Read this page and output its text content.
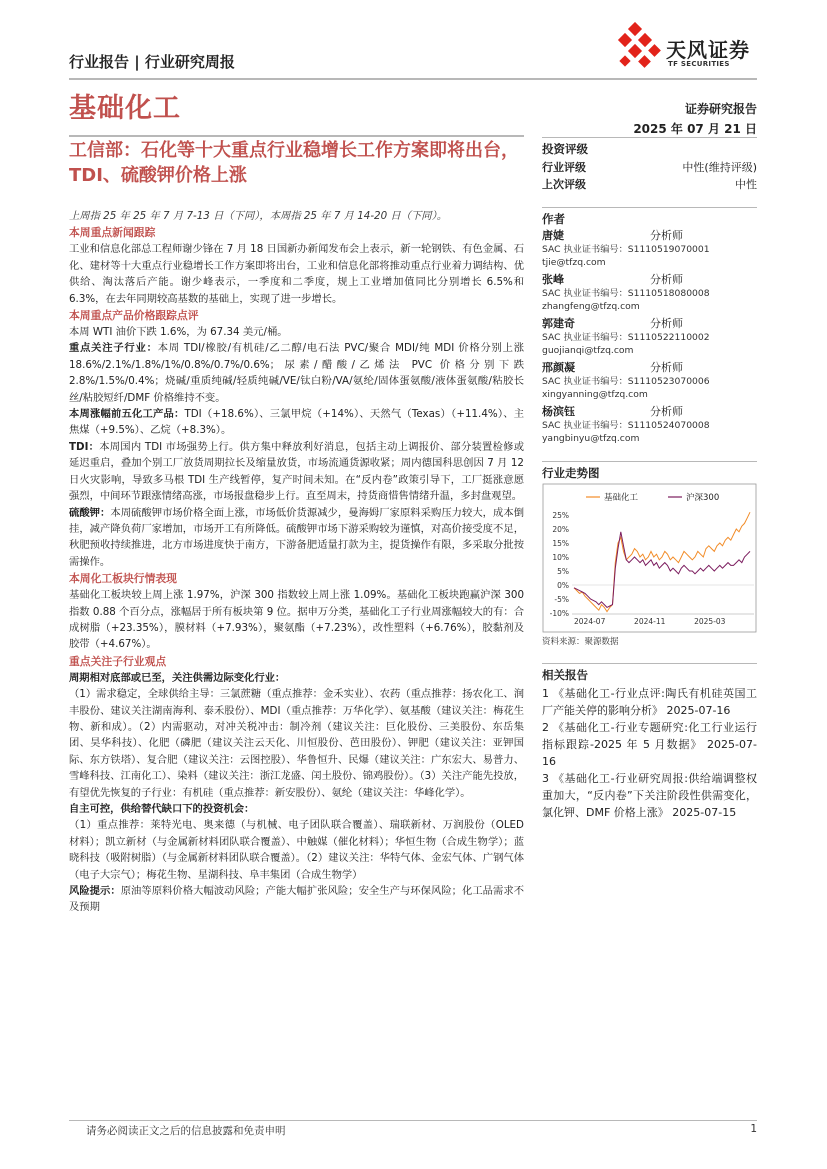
行业报告 | 行业研究周报
基础化工	证券研究报告
2025 年 07 月 21 日
天风证券
TF SECURITIES
工信部：石化等十大重点行业稳增长工作方案即将出台，TDI、硫酸钾价格上涨

上周指 25 年 25 年 7 月 7-13 日（下同），本周指 25 年 7 月 14-20 日（下同）。

本周重点新闻跟踪

工业和信息化部总工程师谢少锋在 7 月 18 日国新办新闻发布会上表示，新一轮钢铁、有色金属、石化、建材等十大重点行业稳增长工作方案即将出台，工业和信息化部将推动重点行业着力调结构、优供给、淘汰落后产能。谢少峰表示，一季度和二季度，规上工业增加值同比分别增长 6.5%和 6.3%，在去年同期较高基数的基础上，实现了进一步增长。

本周重点产品价格跟踪点评

本周 WTI 油价下跌 1.6%，为 67.34 美元/桶。

重点关注子行业：本周 TDI/橡胶/有机硅/乙二醇/电石法 PVC/聚合 MDI/纯 MDI 价格分别上涨 18.6%/2.1%/1.8%/1%/0.8%/0.7%/0.6%；尿素/醋酸/乙烯法 PVC 价格分别下跌 2.8%/1.5%/0.4%；烧碱/重质纯碱/轻质纯碱/VE/钛白粉/VA/氨纶/固体蛋氨酸/液体蛋氨酸/粘胶长丝/粘胶短纤/DMF 价格维持不变。

本周涨幅前五化工产品：TDI（+18.6%）、三氯甲烷（+14%）、天然气（Texas）（+11.4%）、主焦煤（+9.5%）、乙烷（+8.3%）。

TDI：本周国内 TDI 市场强势上行。供方集中释放利好消息，包括主动上调报价、部分装置检修或延迟重启，叠加个别工厂放货周期拉长及缩量放货，市场流通货源收紧；周内德国科思创因 7 月 12 日火灾影响，导致多马根 TDI 生产线暂停，复产时间未知。在“反内卷”政策引导下，工厂挺涨意愿强烈，中间环节跟涨情绪高涨，市场报盘稳步上行。直至周末，持货商惜售情绪升温，多封盘观望。

硫酸钾：本周硫酸钾市场价格全面上涨，市场低价货源减少，曼海姆厂家原料采购压力较大，成本倒挂，减产降负荷厂家增加，市场开工有所降低。硫酸钾市场下游采购较为谨慎，对高价接受度不足，秋肥预收持续推进，北方市场进度快于南方，下游备肥适量打款为主，提货操作有限，多采取分批按需操作。

本周化工板块行情表现

基础化工板块较上周上涨 1.97%，沪深 300 指数较上周上涨 1.09%。基础化工板块跑赢沪深 300 指数 0.88 个百分点，涨幅居于所有板块第 9 位。据申万分类，基础化工子行业周涨幅较大的有：合成树脂（+23.35%），膜材料（+7.93%），聚氨酯（+7.23%），改性塑料（+6.76%），胶黏剂及胶带（+4.67%）。

重点关注子行业观点

周期相对底部或已至，关注供需边际变化行业：

（1）需求稳定，全球供给主导：三氯蔗糖（重点推荐：金禾实业）、农药（重点推荐：扬农化工、润丰股份、建议关注湖南海利、泰禾股份）、MDI（重点推荐：万华化学）、氨基酸（建议关注：梅花生物、新和成）。（2）内需驱动，对冲关税冲击：制冷剂（建议关注：巨化股份、三美股份、东岳集团、昊华科技）、化肥（磷肥（建议关注云天化、川恒股份、芭田股份）、钾肥（建议关注：亚钾国际、东方铁塔）、复合肥（建议关注：云图控股）、华鲁恒升、民爆（建议关注：广东宏大、易普力、雪峰科技、江南化工）、染料（建议关注：浙江龙盛、闰土股份、锦鸡股份）。（3）关注产能先投放，有望优先恢复的子行业：有机硅（重点推荐：新安股份）、氨纶（建议关注：华峰化学）。

自主可控，供给替代缺口下的投资机会：

（1）重点推荐：莱特光电、奥来德（与机械、电子团队联合覆盖）、瑞联新材、万润股份（OLED 材料）；凯立新材（与金属新材料团队联合覆盖）、中触媒（催化材料）；华恒生物（合成生物学）；蓝晓科技（吸附树脂）（与金属新材料团队联合覆盖）。（2）建议关注：华特气体、金宏气体、广钢气体（电子大宗气）；梅花生物、星湖科技、阜丰集团（合成生物学）

风险提示：原油等原料价格大幅波动风险；产能大幅扩张风险；安全生产与环保风险；化工品需求不及预期

投资评级
行业评级	中性(维持评级)
上次评级	中性
作者
唐婕	分析师
SAC 执业证书编号：S1110519070001
tjie@tfzq.com
张峰	分析师
SAC 执业证书编号：S1110518080008
zhangfeng@tfzq.com
郭建奇	分析师
SAC 执业证书编号：S1110522110002
guojianqi@tfzq.com
邢颜凝	分析师
SAC 执业证书编号：S1110523070006
xingyanning@tfzq.com
杨滨钰	分析师
SAC 执业证书编号：S1110524070008
yangbinyu@tfzq.com
行业走势图
基础化工	沪深300
25%
20%
15%
10%
5%
0%
-5%
-10%
2024-07	2024-11	2025-03
资料来源：聚源数据
相关报告

1 《基础化工-行业点评:陶氏有机硅英国工厂产能关停的影响分析》 2025-07-16

2 《基础化工-行业专题研究:化工行业运行指标跟踪-2025 年 5 月数据》 2025-07-16

3 《基础化工-行业研究周报:供给端调整权重加大，“反内卷”下关注阶段性供需变化，氯化钾、DMF 价格上涨》 2025-07-15

请务必阅读正文之后的信息披露和免责申明	1
